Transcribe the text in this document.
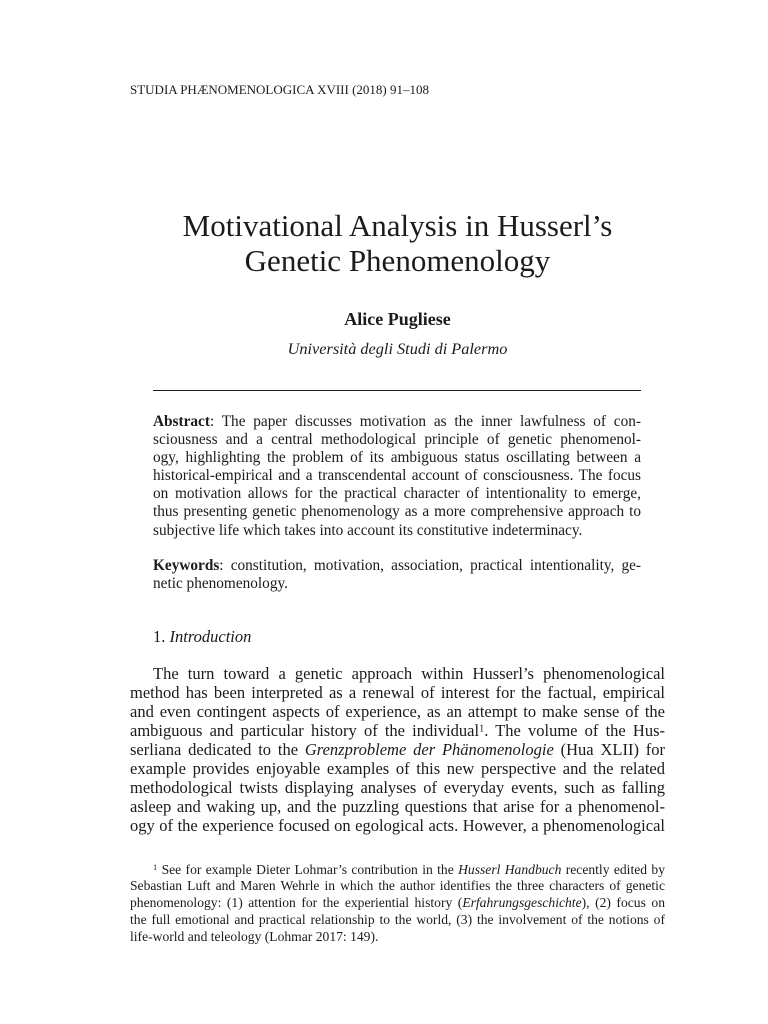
STUDIA PHÆNOMENOLOGICA XVIII (2018) 91–108
Motivational Analysis in Husserl’s
Genetic Phenomenology
Alice Pugliese
Università degli Studi di Palermo
Abstract: The paper discusses motivation as the inner lawfulness of con-
sciousness and a central methodological principle of genetic phenomenol-
ogy, highlighting the problem of its ambiguous status oscillating between a
historical-empirical and a transcendental account of consciousness. The focus
on motivation allows for the practical character of intentionality to emerge,
thus presenting genetic phenomenology as a more comprehensive approach to
subjective life which takes into account its constitutive indeterminacy.
Keywords: constitution, motivation, association, practical intentionality, ge-
netic phenomenology.
1. Introduction
The turn toward a genetic approach within Husserl’s phenomenological
method has been interpreted as a renewal of interest for the factual, empirical
and even contingent aspects of experience, as an attempt to make sense of the
ambiguous and particular history of the individual$^1$. The volume of the Hus-
serliana dedicated to the Grenzprobleme der Phänomenologie (Hua XLII) for
example provides enjoyable examples of this new perspective and the related
methodological twists displaying analyses of everyday events, such as falling
asleep and waking up, and the puzzling questions that arise for a phenomenol-
ogy of the experience focused on egological acts. However, a phenomenological
$^1$ See for example Dieter Lohmar’s contribution in the Husserl Handbuch recently edited by
Sebastian Luft and Maren Wehrle in which the author identifies the three characters of genetic
phenomenology: (1) attention for the experiential history (Erfahrungsgeschichte), (2) focus on
the full emotional and practical relationship to the world, (3) the involvement of the notions of
life-world and teleology (Lohmar 2017: 149).
